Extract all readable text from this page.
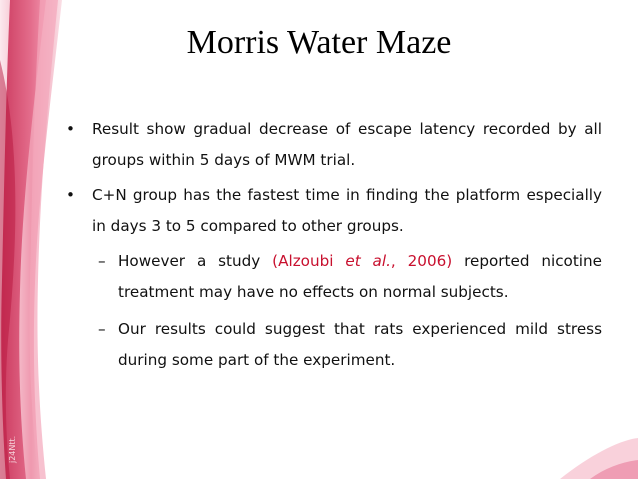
j24Ntt.
Morris Water Maze

• Result show gradual decrease of escape latency recorded by all groups within 5 days of MWM trial.

• C+N group has the fastest time in finding the platform especially in days 3 to 5 compared to other groups.

– However a study (Alzoubi et al., 2006) reported nicotine treatment may have no effects on normal subjects.

– Our results could suggest that rats experienced mild stress during some part of the experiment.
